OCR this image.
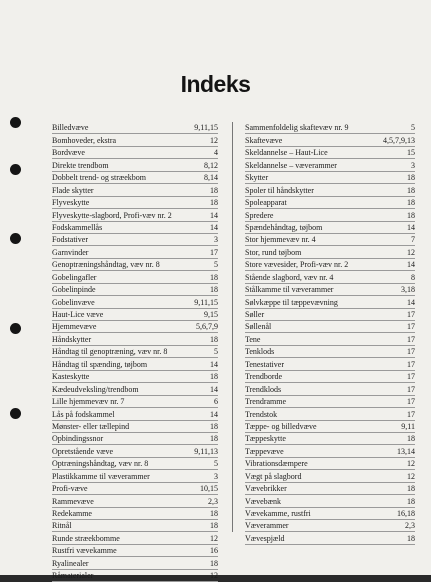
Indeks
Billedvæve	9,11,15
Bomhoveder, ekstra	12
Bordvæve	4
Direkte trendbom	8,12
Dobbelt trend- og stræekbom	8,14
Flade skytter	18
Flyveskytte	18
Flyveskytte-slagbord, Profi-væv nr. 2	14
Fodskammellås	14
Fodstativer	3
Garnvinder	17
Genoptræningshåndtag, væv nr. 8	5
Gobelingafler	18
Gobelinpinde	18
Gobelinvæve	9,11,15
Haut-Lice væve	9,15
Hjemmevæve	5,6,7,9
Håndskytter	18
Håndtag til genoptræning, væv nr. 8	5
Håndtag til spænding, tøjbom	14
Kasteskytte	18
Kædeudveksling/trendbom	14
Lille hjemmevæv nr. 7	6
Lås på fodskammel	14
Mønster- eller tællepind	18
Opbindingssnor	18
Opretstående væve	9,11,13
Optræningshåndtag, væv nr. 8	5
Plastikkamme til væverammer	3
Profi-væve	10,15
Rammevæve	2,3
Redekamme	18
Ritnål	18
Runde stræekbomme	12
Rustfri vævekamme	16
Ryalinealer	18
Råmaterialer	12
Sammenfoldelig skaftevæv nr. 9	5
Skaftevæve	4,5,7,9,13
Skeldannelse – Haut-Lice	15
Skeldannelse – væverammer	3
Skytter	18
Spoler til håndskytter	18
Spoleapparat	18
Spredere	18
Spændehåndtag, tøjbom	14
Stor hjemmevæv nr. 4	7
Stor, rund tøjbom	12
Store vævesider, Profi-væv nr. 2	14
Stående slagbord, væv nr. 4	8
Stålkamme til væverammer	3,18
Sølvkæppe til tæppevævning	14
Søller	17
Søllenål	17
Tene	17
Tenklods	17
Tenestativer	17
Trendborde	17
Trendklods	17
Trendramme	17
Trendstok	17
Tæppe- og billedvæve	9,11
Tæppeskytte	18
Tæppevæve	13,14
Vibrationsdæmpere	12
Vægt på slagbord	12
Vævebrikker	18
Vævebænk	18
Vævekamme, rustfri	16,18
Væverammer	2,3
Vævespjæld	18
